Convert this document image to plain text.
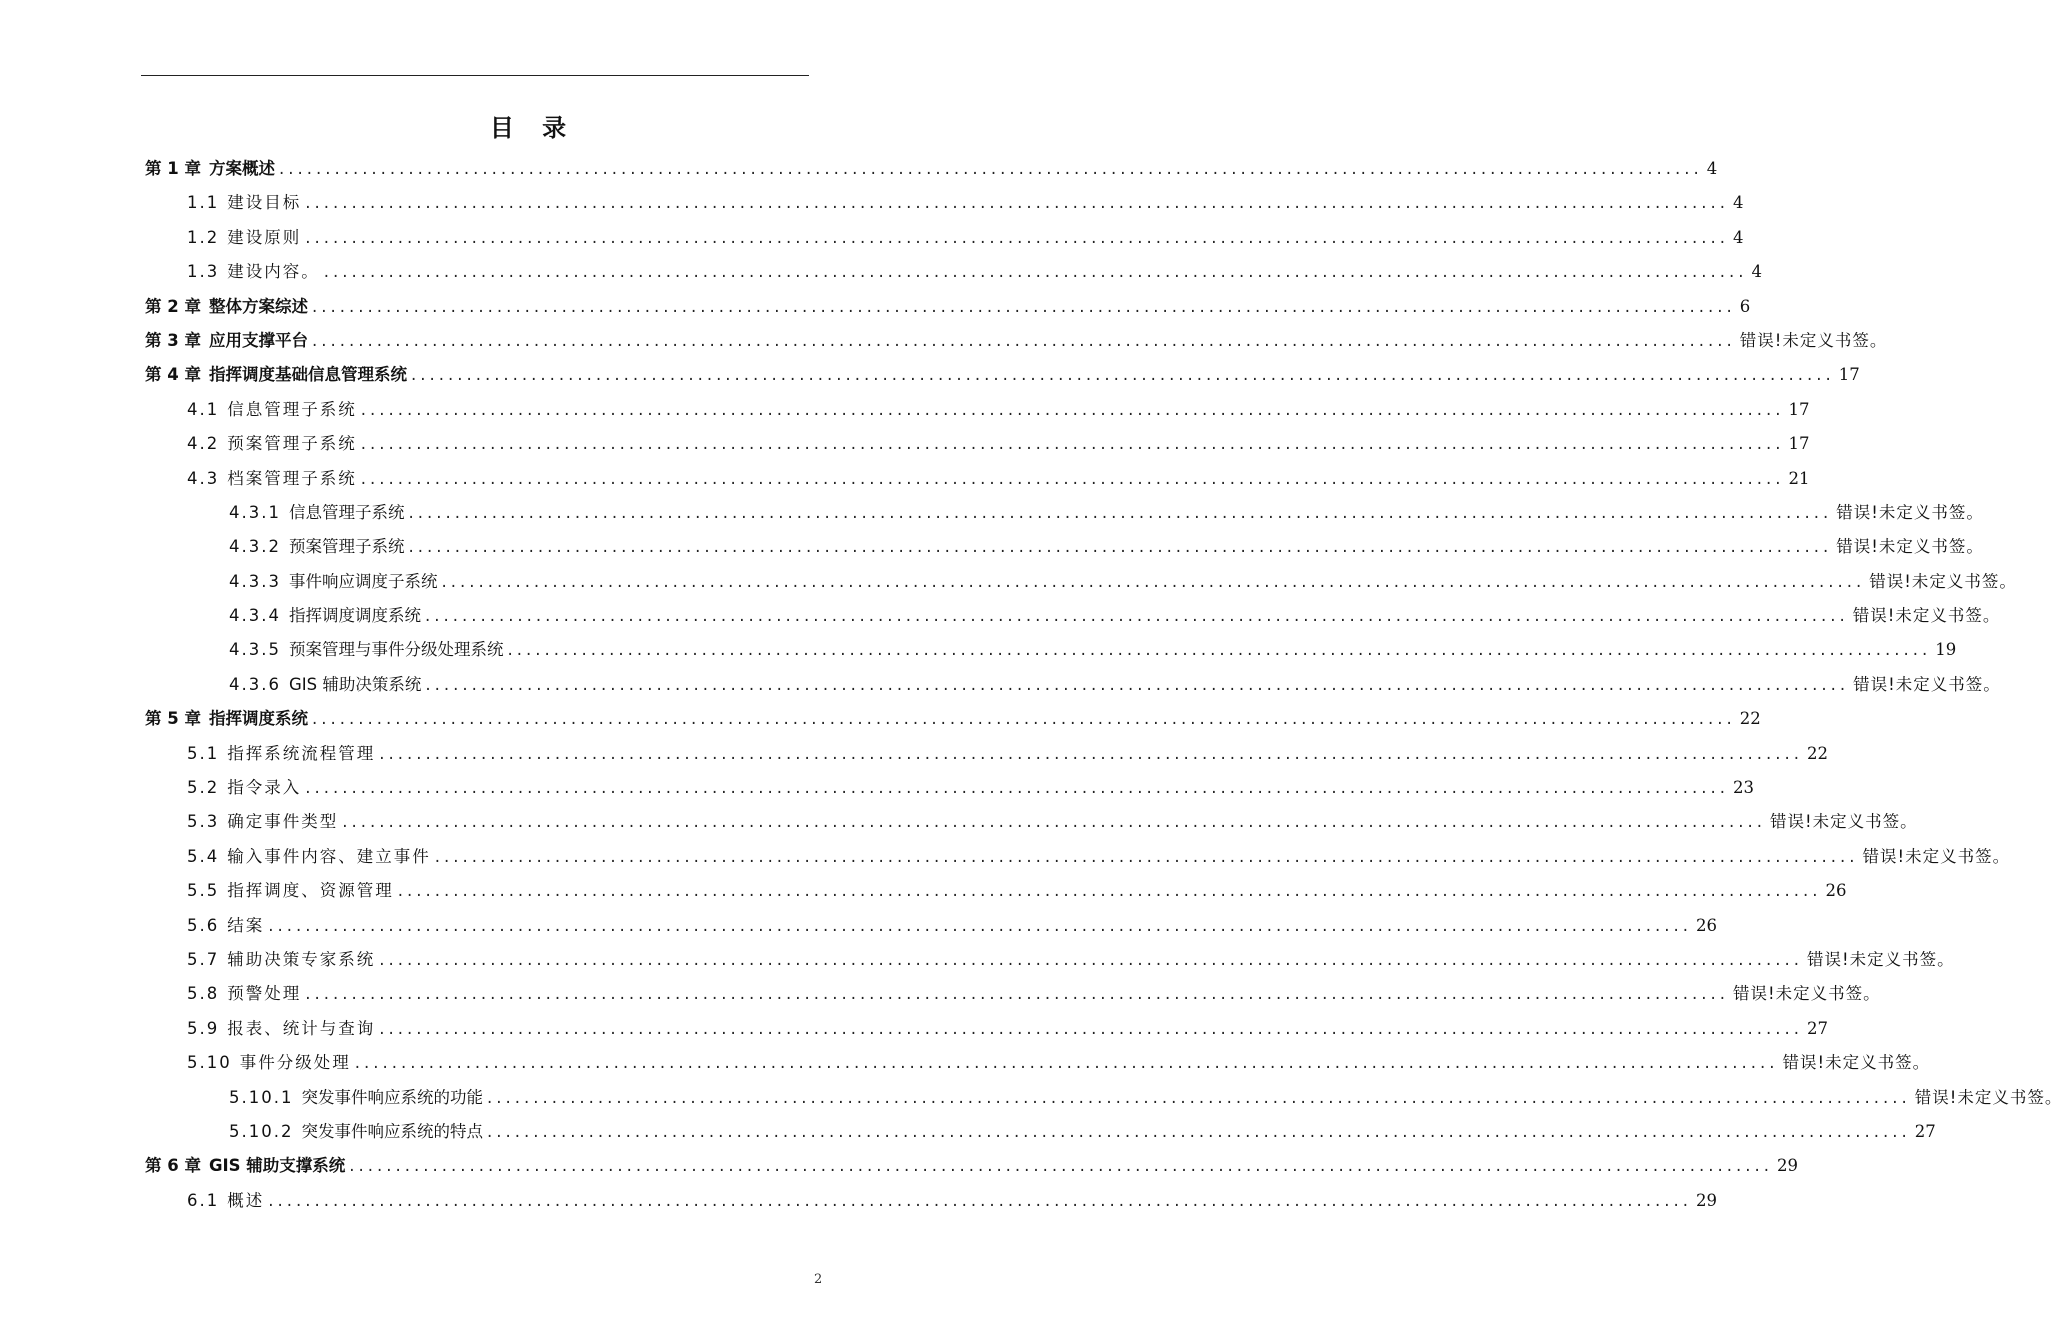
目 录
第 1 章 方案概述 .......................................................................................................................................................... 4
1.1 建设目标 .......................................................................................................................................................... 4
1.2 建设原则 .......................................................................................................................................................... 4
1.3 建设内容。 .......................................................................................................................................................... 4
第 2 章 整体方案综述 .......................................................................................................................................................... 6
第 3 章 应用支撑平台 .......................................................................................................................................................... 错误!未定义书签。
第 4 章 指挥调度基础信息管理系统 .......................................................................................................................................................... 17
4.1 信息管理子系统 .......................................................................................................................................................... 17
4.2 预案管理子系统 .......................................................................................................................................................... 17
4.3 档案管理子系统 .......................................................................................................................................................... 21
4.3.1 信息管理子系统 .......................................................................................................................................................... 错误!未定义书签。
4.3.2 预案管理子系统 .......................................................................................................................................................... 错误!未定义书签。
4.3.3 事件响应调度子系统 .......................................................................................................................................................... 错误!未定义书签。
4.3.4 指挥调度调度系统 .......................................................................................................................................................... 错误!未定义书签。
4.3.5 预案管理与事件分级处理系统 .......................................................................................................................................................... 19
4.3.6 GIS 辅助决策系统 .......................................................................................................................................................... 错误!未定义书签。
第 5 章 指挥调度系统 .......................................................................................................................................................... 22
5.1 指挥系统流程管理 .......................................................................................................................................................... 22
5.2 指令录入 .......................................................................................................................................................... 23
5.3 确定事件类型 .......................................................................................................................................................... 错误!未定义书签。
5.4 输入事件内容、建立事件 .......................................................................................................................................................... 错误!未定义书签。
5.5 指挥调度、资源管理 .......................................................................................................................................................... 26
5.6 结案 .......................................................................................................................................................... 26
5.7 辅助决策专家系统 .......................................................................................................................................................... 错误!未定义书签。
5.8 预警处理 .......................................................................................................................................................... 错误!未定义书签。
5.9 报表、统计与查询 .......................................................................................................................................................... 27
5.10 事件分级处理 .......................................................................................................................................................... 错误!未定义书签。
5.10.1 突发事件响应系统的功能 .......................................................................................................................................................... 错误!未定义书签。
5.10.2 突发事件响应系统的特点 .......................................................................................................................................................... 27
第 6 章 GIS 辅助支撑系统 .......................................................................................................................................................... 29
6.1 概述 .......................................................................................................................................................... 29
2
